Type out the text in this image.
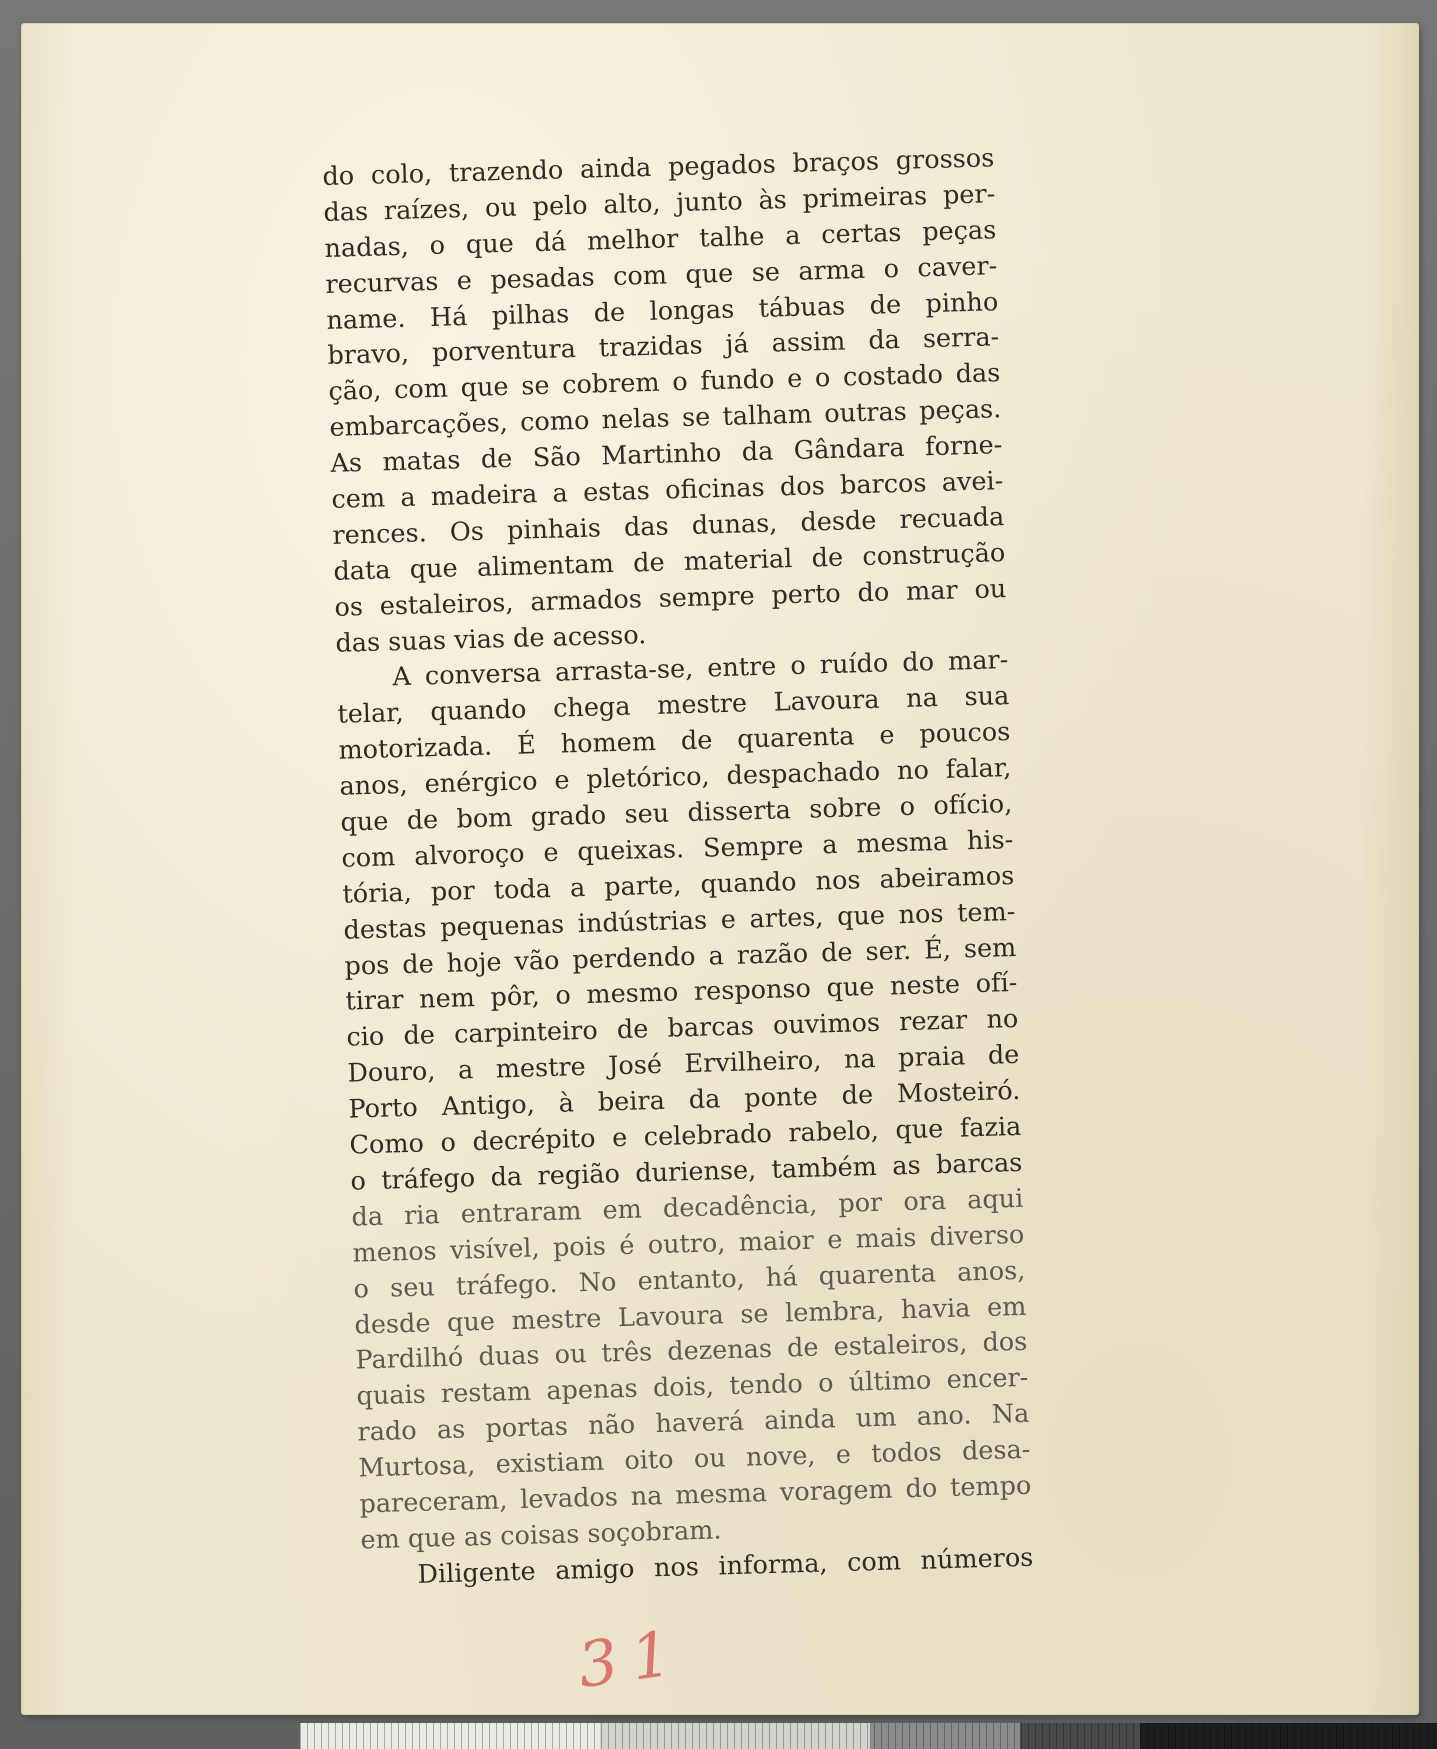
do colo, trazendo ainda pegados braços grossos
das raízes, ou pelo alto, junto às primeiras per-
nadas, o que dá melhor talhe a certas peças
recurvas e pesadas com que se arma o caver-
name. Há pilhas de longas tábuas de pinho
bravo, porventura trazidas já assim da serra-
ção, com que se cobrem o fundo e o costado das
embarcações, como nelas se talham outras peças.
As matas de São Martinho da Gândara forne-
cem a madeira a estas oficinas dos barcos avei-
rences. Os pinhais das dunas, desde recuada
data que alimentam de material de construção
os estaleiros, armados sempre perto do mar ou
das suas vias de acesso.
A conversa arrasta-se, entre o ruído do mar-
telar, quando chega mestre Lavoura na sua
motorizada. É homem de quarenta e poucos
anos, enérgico e pletórico, despachado no falar,
que de bom grado seu disserta sobre o ofício,
com alvoroço e queixas. Sempre a mesma his-
tória, por toda a parte, quando nos abeiramos
destas pequenas indústrias e artes, que nos tem-
pos de hoje vão perdendo a razão de ser. É, sem
tirar nem pôr, o mesmo responso que neste ofí-
cio de carpinteiro de barcas ouvimos rezar no
Douro, a mestre José Ervilheiro, na praia de
Porto Antigo, à beira da ponte de Mosteiró.
Como o decrépito e celebrado rabelo, que fazia
o tráfego da região duriense, também as barcas
da ria entraram em decadência, por ora aqui
menos visível, pois é outro, maior e mais diverso
o seu tráfego. No entanto, há quarenta anos,
desde que mestre Lavoura se lembra, havia em
Pardilhó duas ou três dezenas de estaleiros, dos
quais restam apenas dois, tendo o último encer-
rado as portas não haverá ainda um ano. Na
Murtosa, existiam oito ou nove, e todos desa-
pareceram, levados na mesma voragem do tempo
em que as coisas soçobram.
Diligente amigo nos informa, com números
31
